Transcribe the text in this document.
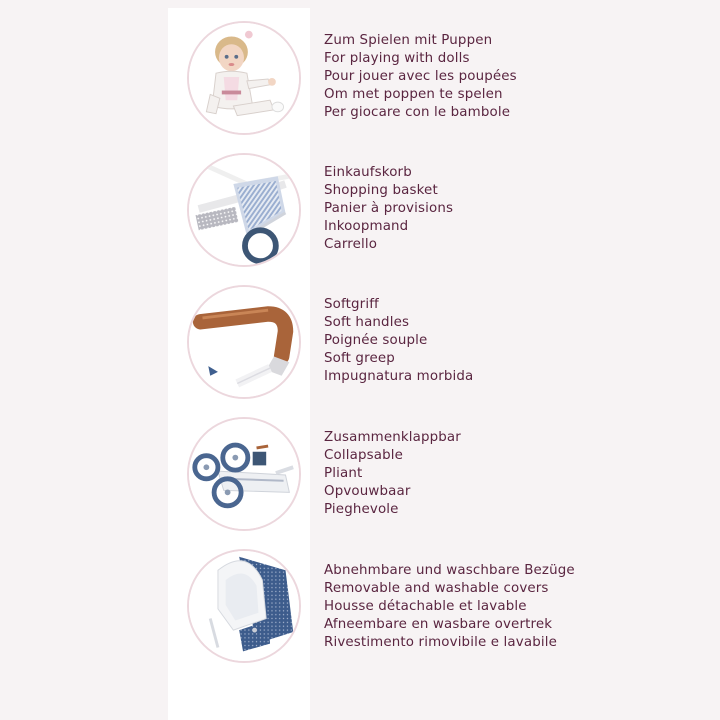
Zum Spielen mit Puppen
For playing with dolls
Pour jouer avec les poupées
Om met poppen te spelen
Per giocare con le bambole
Einkaufskorb
Shopping basket
Panier à provisions
Inkoopmand
Carrello
Softgriff
Soft handles
Poignée souple
Soft greep
Impugnatura morbida
Zusammenklappbar
Collapsable
Pliant
Opvouwbaar
Pieghevole
Abnehmbare und waschbare Bezüge
Removable and washable covers
Housse détachable et lavable
Afneembare en wasbare overtrek
Rivestimento rimovibile e lavabile
